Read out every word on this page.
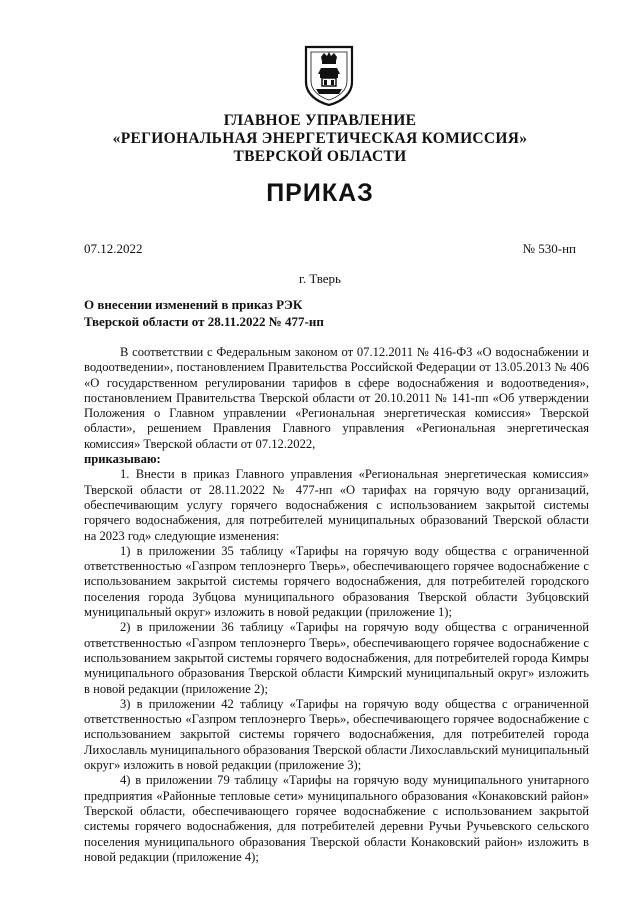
ГЛАВНОЕ УПРАВЛЕНИЕ
«РЕГИОНАЛЬНАЯ ЭНЕРГЕТИЧЕСКАЯ КОМИССИЯ»
ТВЕРСКОЙ ОБЛАСТИ
ПРИКАЗ
07.12.2022	№ 530-нп
г. Тверь
О внесении изменений в приказ РЭК
Тверской области от 28.11.2022 № 477-нп

В соответствии с Федеральным законом от 07.12.2011 № 416-ФЗ «О водоснабжении и водоотведении», постановлением Правительства Российской Федерации от 13.05.2013 № 406 «О государственном регулировании тарифов в сфере водоснабжения и водоотведения», постановлением Правительства Тверской области от 20.10.2011 № 141-пп «Об утверждении Положения о Главном управлении «Региональная энергетическая комиссия» Тверской области», решением Правления Главного управления «Региональная энергетическая комиссия» Тверской области от 07.12.2022,

приказываю:

1. Внести в приказ Главного управления «Региональная энергетическая комиссия» Тверской области от 28.11.2022 № 477-нп «О тарифах на горячую воду организаций, обеспечивающим услугу горячего водоснабжения с использованием закрытой системы горячего водоснабжения, для потребителей муниципальных образований Тверской области на 2023 год» следующие изменения:

1) в приложении 35 таблицу «Тарифы на горячую воду общества с ограниченной ответственностью «Газпром теплоэнерго Тверь», обеспечивающего горячее водоснабжение с использованием закрытой системы горячего водоснабжения, для потребителей городского поселения города Зубцова муниципального образования Тверской области Зубцовский муниципальный округ» изложить в новой редакции (приложение 1);

2) в приложении 36 таблицу «Тарифы на горячую воду общества с ограниченной ответственностью «Газпром теплоэнерго Тверь», обеспечивающего горячее водоснабжение с использованием закрытой системы горячего водоснабжения, для потребителей города Кимры муниципального образования Тверской области Кимрский муниципальный округ» изложить в новой редакции (приложение 2);

3) в приложении 42 таблицу «Тарифы на горячую воду общества с ограниченной ответственностью «Газпром теплоэнерго Тверь», обеспечивающего горячее водоснабжение с использованием закрытой системы горячего водоснабжения, для потребителей города Лихославль муниципального образования Тверской области Лихославльский муниципальный округ» изложить в новой редакции (приложение 3);

4) в приложении 79 таблицу «Тарифы на горячую воду муниципального унитарного предприятия «Районные тепловые сети» муниципального образования «Конаковский район» Тверской области, обеспечивающего горячее водоснабжение с использованием закрытой системы горячего водоснабжения, для потребителей деревни Ручьи Ручьевского сельского поселения муниципального образования Тверской области Конаковский район» изложить в новой редакции (приложение 4);
